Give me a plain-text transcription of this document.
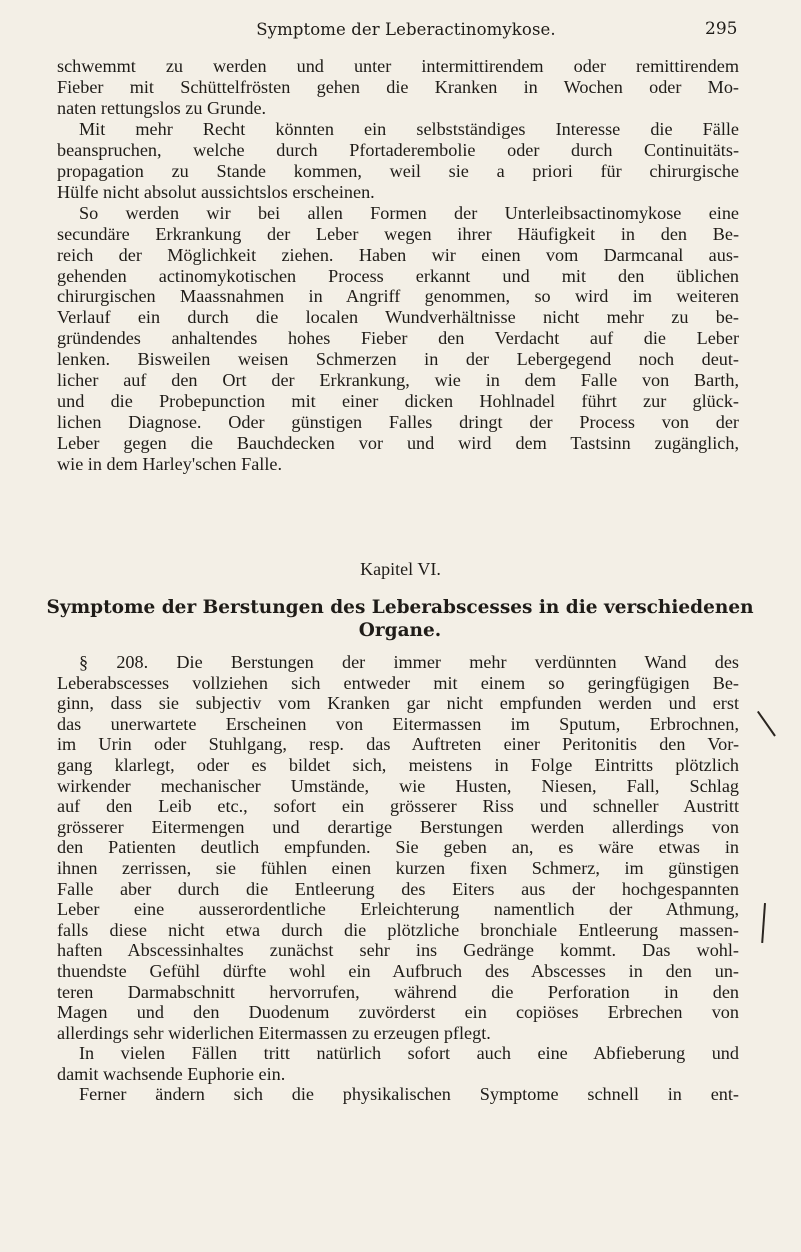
Symptome der Leberactinomykose.	295
schwemmt zu werden und unter intermittirendem oder remittirendem
Fieber mit Schüttelfrösten gehen die Kranken in Wochen oder Mo-
naten rettungslos zu Grunde.
Mit mehr Recht könnten ein selbstständiges Interesse die Fälle
beanspruchen, welche durch Pfortaderembolie oder durch Continuitäts-
propagation zu Stande kommen, weil sie a priori für chirurgische
Hülfe nicht absolut aussichtslos erscheinen.
So werden wir bei allen Formen der Unterleibsactinomykose eine
secundäre Erkrankung der Leber wegen ihrer Häufigkeit in den Be-
reich der Möglichkeit ziehen. Haben wir einen vom Darmcanal aus-
gehenden actinomykotischen Process erkannt und mit den üblichen
chirurgischen Maassnahmen in Angriff genommen, so wird im weiteren
Verlauf ein durch die localen Wundverhältnisse nicht mehr zu be-
gründendes anhaltendes hohes Fieber den Verdacht auf die Leber
lenken. Bisweilen weisen Schmerzen in der Lebergegend noch deut-
licher auf den Ort der Erkrankung, wie in dem Falle von Barth,
und die Probepunction mit einer dicken Hohlnadel führt zur glück-
lichen Diagnose. Oder günstigen Falles dringt der Process von der
Leber gegen die Bauchdecken vor und wird dem Tastsinn zugänglich,
wie in dem Harley'schen Falle.
Kapitel VI.
Symptome der Berstungen des Leberabscesses in die verschiedenen
Organe.
§ 208. Die Berstungen der immer mehr verdünnten Wand des
Leberabscesses vollziehen sich entweder mit einem so geringfügigen Be-
ginn, dass sie subjectiv vom Kranken gar nicht empfunden werden und erst
das unerwartete Erscheinen von Eitermassen im Sputum, Erbrochnen,
im Urin oder Stuhlgang, resp. das Auftreten einer Peritonitis den Vor-
gang klarlegt, oder es bildet sich, meistens in Folge Eintritts plötzlich
wirkender mechanischer Umstände, wie Husten, Niesen, Fall, Schlag
auf den Leib etc., sofort ein grösserer Riss und schneller Austritt
grösserer Eitermengen und derartige Berstungen werden allerdings von
den Patienten deutlich empfunden. Sie geben an, es wäre etwas in
ihnen zerrissen, sie fühlen einen kurzen fixen Schmerz, im günstigen
Falle aber durch die Entleerung des Eiters aus der hochgespannten
Leber eine ausserordentliche Erleichterung namentlich der Athmung,
falls diese nicht etwa durch die plötzliche bronchiale Entleerung massen-
haften Abscessinhaltes zunächst sehr ins Gedränge kommt. Das wohl-
thuendste Gefühl dürfte wohl ein Aufbruch des Abscesses in den un-
teren Darmabschnitt hervorrufen, während die Perforation in den
Magen und den Duodenum zuvörderst ein copiöses Erbrechen von
allerdings sehr widerlichen Eitermassen zu erzeugen pflegt.
In vielen Fällen tritt natürlich sofort auch eine Abfieberung und
damit wachsende Euphorie ein.
Ferner ändern sich die physikalischen Symptome schnell in ent-
